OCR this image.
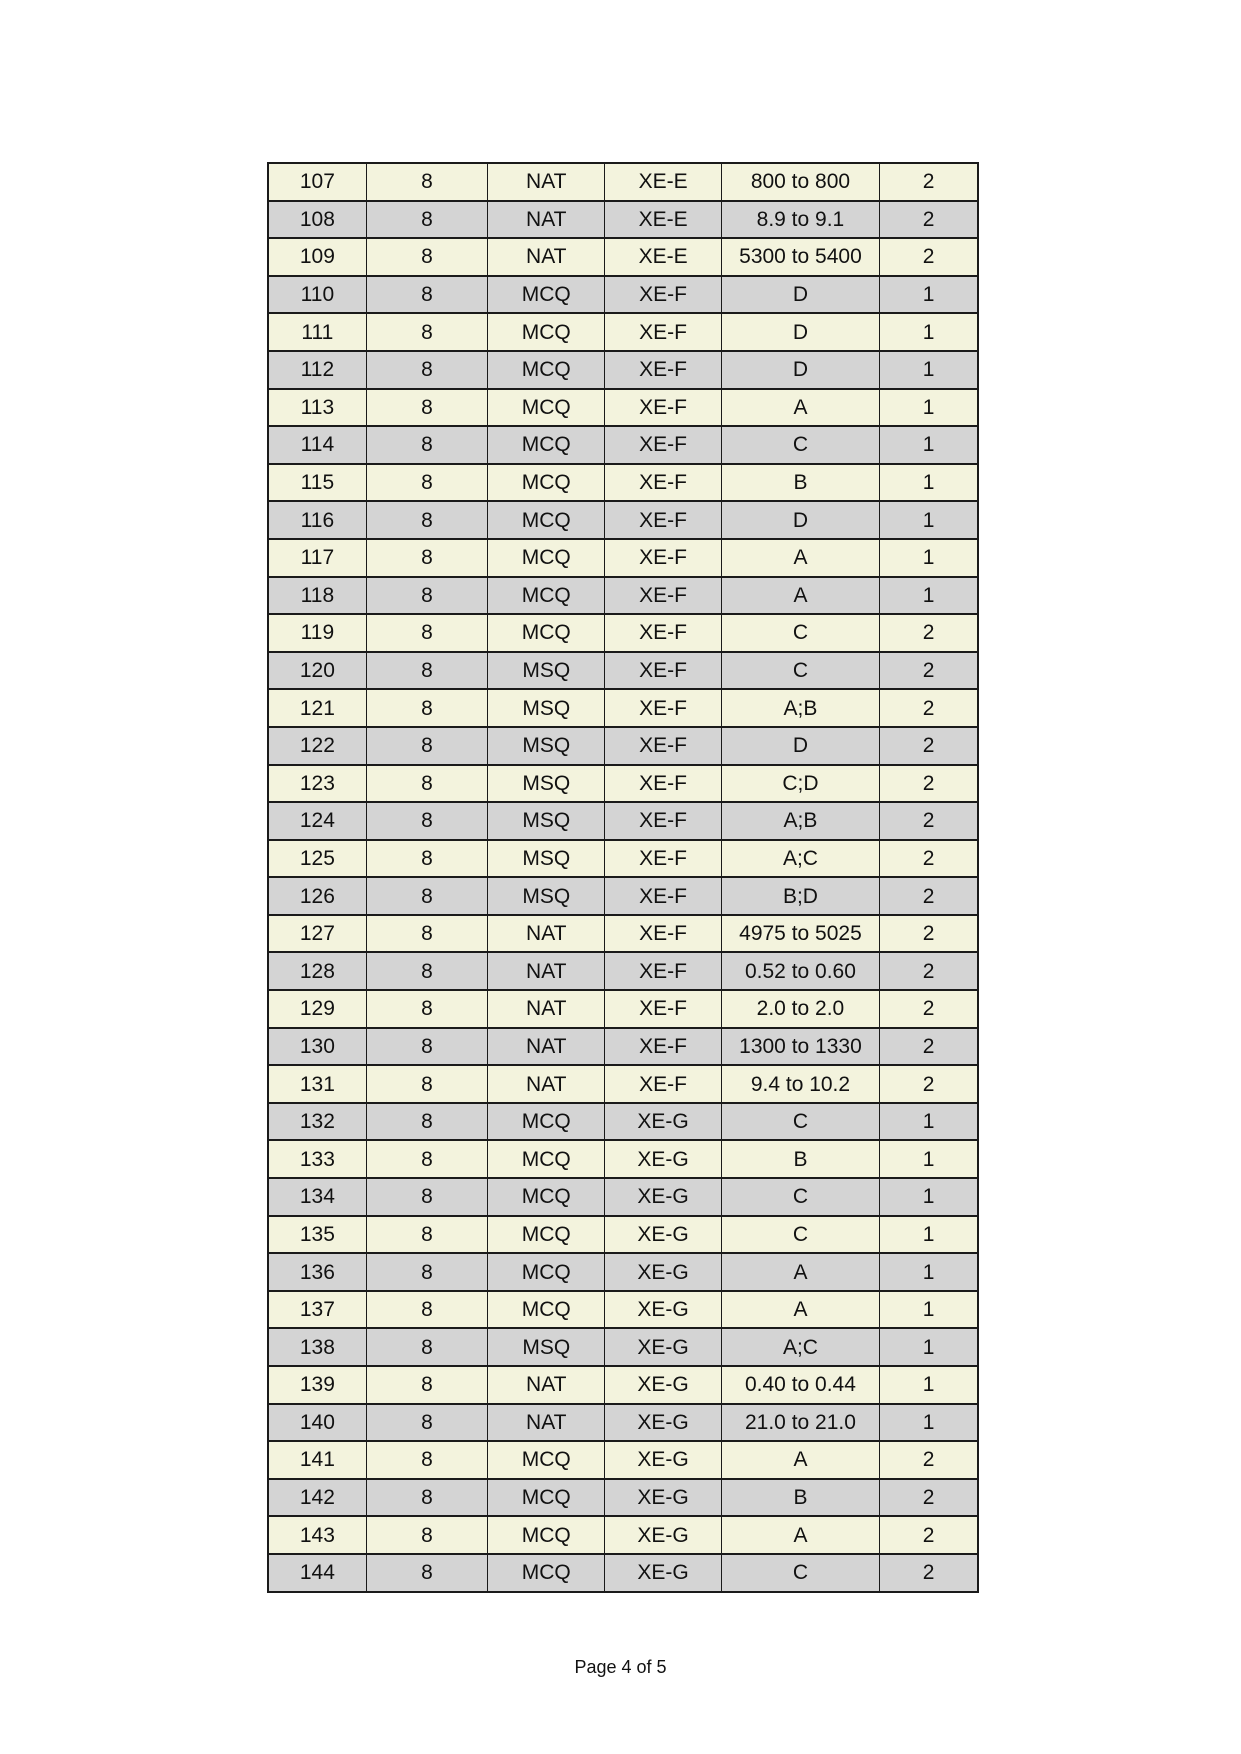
107	8	NAT	XE-E	800 to 800	2
108	8	NAT	XE-E	8.9 to 9.1	2
109	8	NAT	XE-E	5300 to 5400	2
110	8	MCQ	XE-F	D	1
111	8	MCQ	XE-F	D	1
112	8	MCQ	XE-F	D	1
113	8	MCQ	XE-F	A	1
114	8	MCQ	XE-F	C	1
115	8	MCQ	XE-F	B	1
116	8	MCQ	XE-F	D	1
117	8	MCQ	XE-F	A	1
118	8	MCQ	XE-F	A	1
119	8	MCQ	XE-F	C	2
120	8	MSQ	XE-F	C	2
121	8	MSQ	XE-F	A;B	2
122	8	MSQ	XE-F	D	2
123	8	MSQ	XE-F	C;D	2
124	8	MSQ	XE-F	A;B	2
125	8	MSQ	XE-F	A;C	2
126	8	MSQ	XE-F	B;D	2
127	8	NAT	XE-F	4975 to 5025	2
128	8	NAT	XE-F	0.52 to 0.60	2
129	8	NAT	XE-F	2.0 to 2.0	2
130	8	NAT	XE-F	1300 to 1330	2
131	8	NAT	XE-F	9.4 to 10.2	2
132	8	MCQ	XE-G	C	1
133	8	MCQ	XE-G	B	1
134	8	MCQ	XE-G	C	1
135	8	MCQ	XE-G	C	1
136	8	MCQ	XE-G	A	1
137	8	MCQ	XE-G	A	1
138	8	MSQ	XE-G	A;C	1
139	8	NAT	XE-G	0.40 to 0.44	1
140	8	NAT	XE-G	21.0 to 21.0	1
141	8	MCQ	XE-G	A	2
142	8	MCQ	XE-G	B	2
143	8	MCQ	XE-G	A	2
144	8	MCQ	XE-G	C	2
Page 4 of 5
